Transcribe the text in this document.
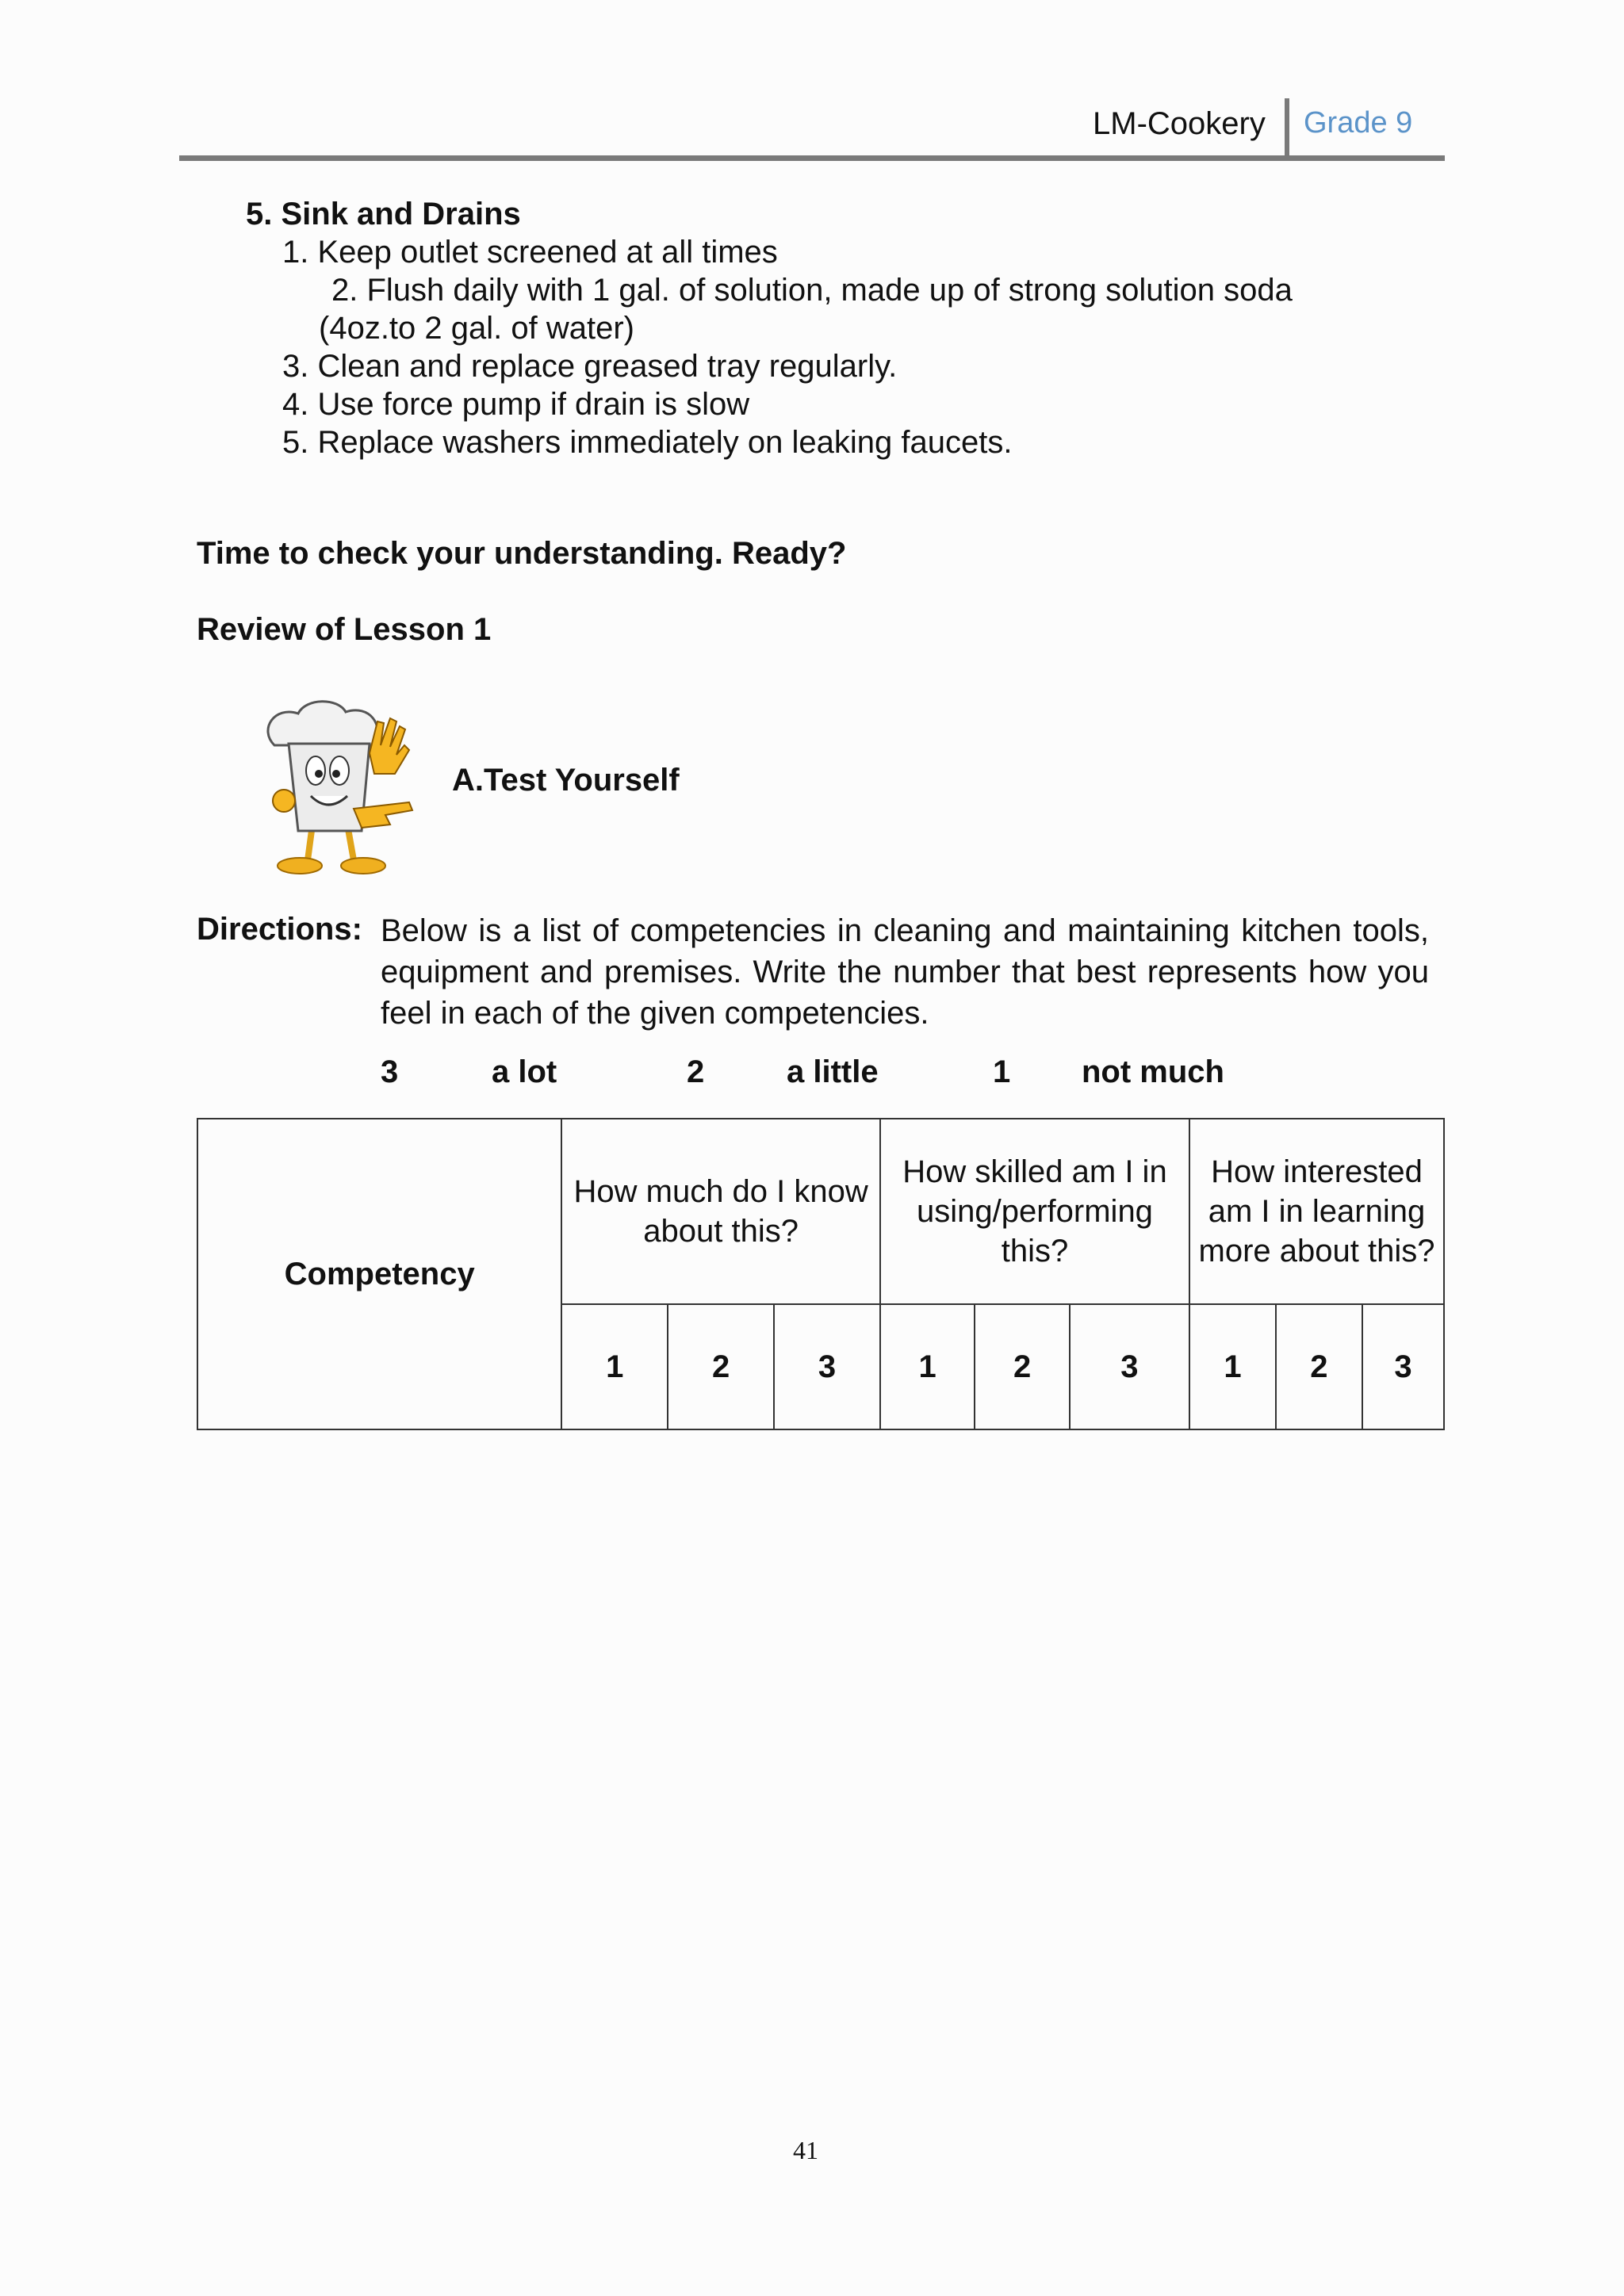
LM-Cookery Grade 9
5. Sink and Drains
1. Keep outlet screened at all times
2. Flush daily with 1 gal. of solution, made up of strong solution soda
(4oz.to 2 gal. of water)
3. Clean and replace greased tray regularly.
4. Use force pump if drain is slow
5. Replace washers immediately on leaking faucets.
Time to check your understanding. Ready?
Review of Lesson 1
A.Test Yourself
Directions: Below is a list of competencies in cleaning and maintaining kitchen tools, equipment and premises. Write the number that best represents how you feel in each of the given competencies.
3	a lot	2	a little	1 not much
Competency	How much do I know about this?			How skilled am I in using/performing this?			How interested am I in learning more about this?		
	1	2	3	1	2	3	1	2	3
41
